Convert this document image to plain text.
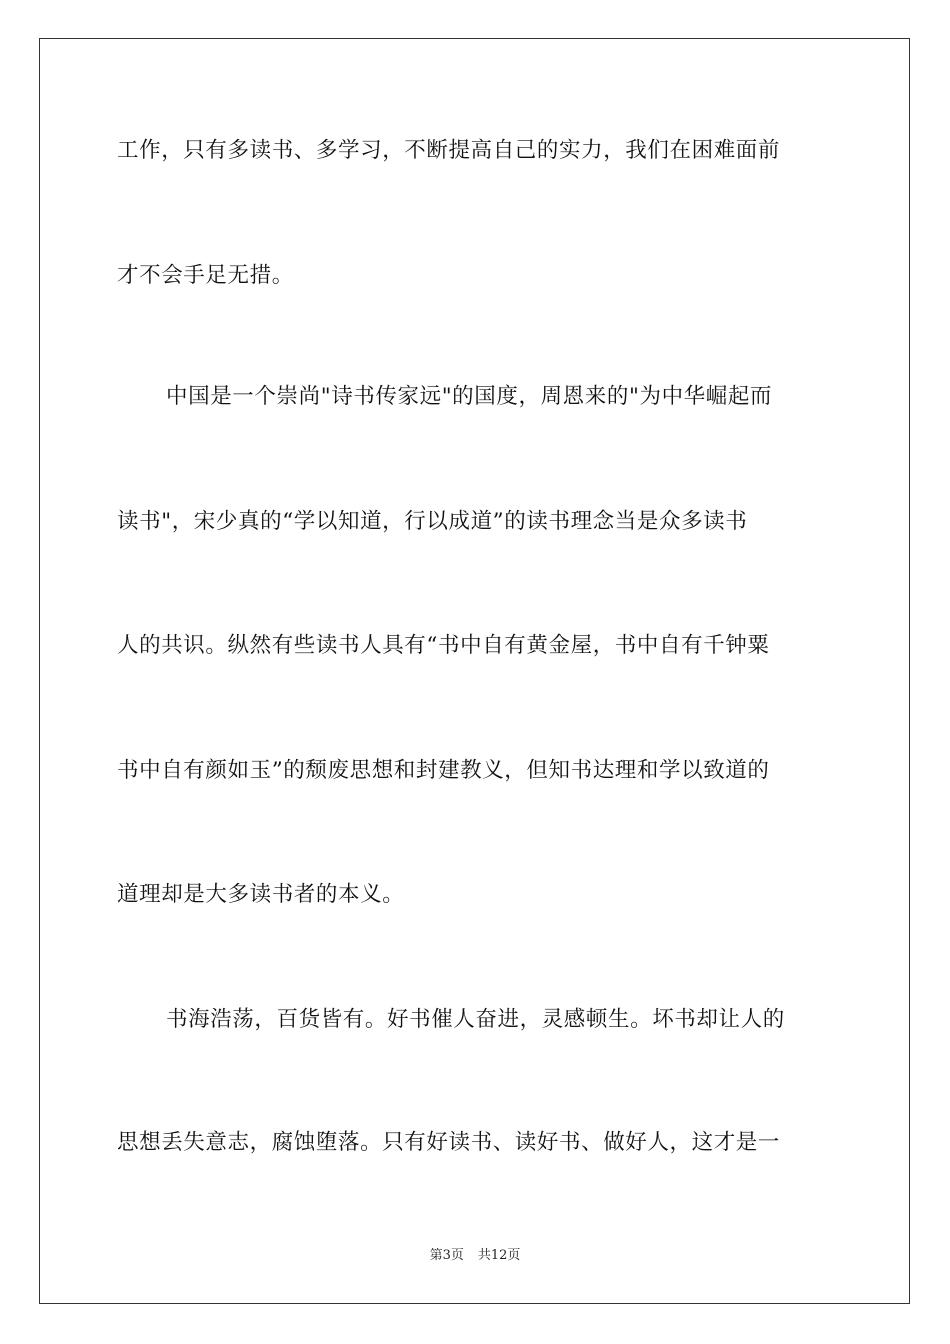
工作，只有多读书、多学习，不断提高自己的实力，我们在困难面前
才不会手足无措。
中国是一个崇尚"诗书传家远"的国度，周恩来的"为中华崛起而
读书"，宋少真的“学以知道，行以成道”的读书理念当是众多读书
人的共识。纵然有些读书人具有“书中自有黄金屋，书中自有千钟粟
书中自有颜如玉”的颓废思想和封建教义，但知书达理和学以致道的
道理却是大多读书者的本义。
书海浩荡，百货皆有。好书催人奋进，灵感顿生。坏书却让人的
思想丢失意志，腐蚀堕落。只有好读书、读好书、做好人，这才是一
第3页 共12页
